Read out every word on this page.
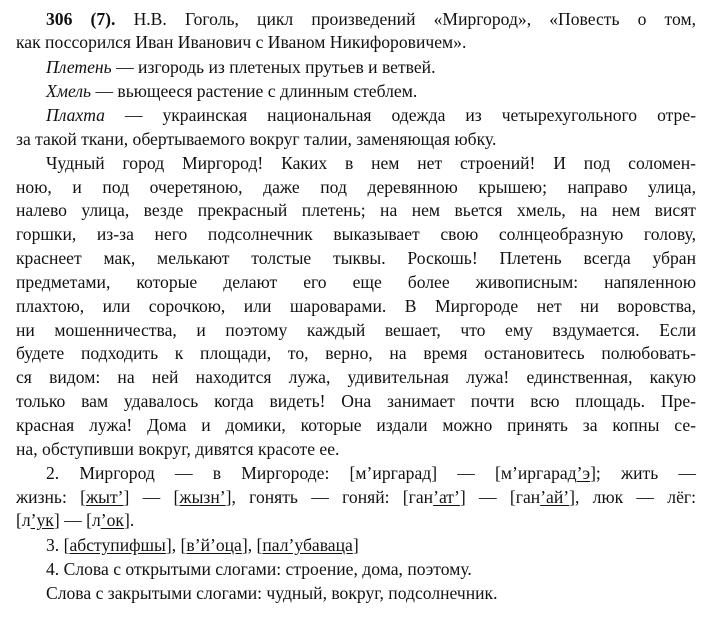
306 (7). Н.В. Гоголь, цикл произведений «Миргород», «Повесть о том,
как поссорился Иван Иванович с Иваном Никифоровичем».
Плетень — изгородь из плетеных прутьев и ветвей.
Хмель — вьющееся растение с длинным стеблем.
Плахта — украинская национальная одежда из четырехугольного отре-
за такой ткани, обертываемого вокруг талии, заменяющая юбку.
Чудный город Миргород! Каких в нем нет строений! И под соломен-
ною, и под очеретяною, даже под деревянною крышею; направо улица,
налево улица, везде прекрасный плетень; на нем вьется хмель, на нем висят
горшки, из-за него подсолнечник выказывает свою солнцеобразную голову,
краснеет мак, мелькают толстые тыквы. Роскошь! Плетень всегда убран
предметами, которые делают его еще более живописным: напяленною
плахтою, или сорочкою, или шароварами. В Миргороде нет ни воровства,
ни мошенничества, и поэтому каждый вешает, что ему вздумается. Если
будете подходить к площади, то, верно, на время остановитесь полюбовать-
ся видом: на ней находится лужа, удивительная лужа! единственная, какую
только вам удавалось когда видеть! Она занимает почти всю площадь. Пре-
красная лужа! Дома и домики, которые издали можно принять за копны се-
на, обступивши вокруг, дивятся красоте ее.
2. Миргород — в Миргороде: [м’иргарад] — [м’иргарад’э]; жить —
жизнь: [жыт’] — [жызн’], гонять — гоняй: [ган’ат’] — [ган’ай’], люк — лёг:
[л’ук] — [л’ок].
3. [абступифшы], [в’й’оца], [пал’убаваца]
4. Слова с открытыми слогами: строение, дома, поэтому.
Слова с закрытыми слогами: чудный, вокруг, подсолнечник.
